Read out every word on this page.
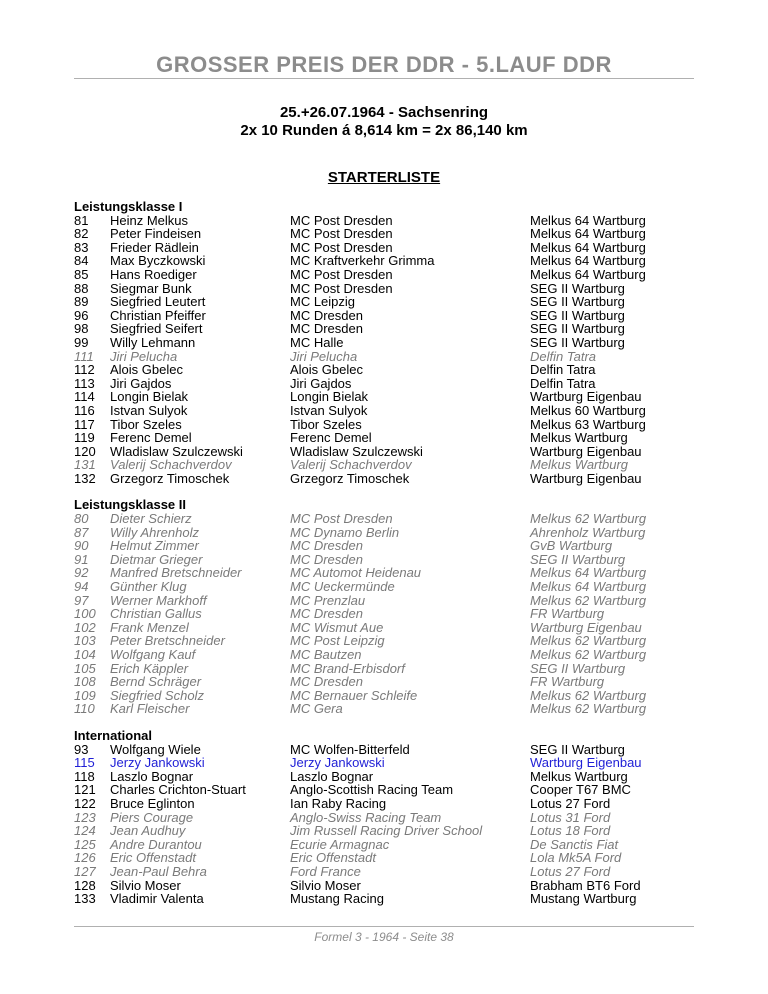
GROSSER PREIS DER DDR - 5.LAUF DDR
25.+26.07.1964 - Sachsenring
2x 10 Runden á 8,614 km = 2x 86,140 km
STARTERLISTE
Leistungsklasse I
81 Heinz Melkus	MC Post Dresden	Melkus 64 Wartburg
82 Peter Findeisen	MC Post Dresden	Melkus 64 Wartburg
83 Frieder Rädlein	MC Post Dresden	Melkus 64 Wartburg
84 Max Byczkowski	MC Kraftverkehr Grimma	Melkus 64 Wartburg
85 Hans Roediger	MC Post Dresden	Melkus 64 Wartburg
88 Siegmar Bunk	MC Post Dresden	SEG II Wartburg
89 Siegfried Leutert	MC Leipzig	SEG II Wartburg
96 Christian Pfeiffer	MC Dresden	SEG II Wartburg
98 Siegfried Seifert	MC Dresden	SEG II Wartburg
99 Willy Lehmann	MC Halle	SEG II Wartburg
111 Jiri Pelucha	Jiri Pelucha	Delfin Tatra
112 Alois Gbelec	Alois Gbelec	Delfin Tatra
113 Jiri Gajdos	Jiri Gajdos	Delfin Tatra
114 Longin Bielak	Longin Bielak	Wartburg Eigenbau
116 Istvan Sulyok	Istvan Sulyok	Melkus 60 Wartburg
117 Tibor Szeles	Tibor Szeles	Melkus 63 Wartburg
119 Ferenc Demel	Ferenc Demel	Melkus Wartburg
120 Wladislaw Szulczewski	Wladislaw Szulczewski	Wartburg Eigenbau
131 Valerij Schachverdov	Valerij Schachverdov	Melkus Wartburg
132 Grzegorz Timoschek	Grzegorz Timoschek	Wartburg Eigenbau
Leistungsklasse II
80 Dieter Schierz	MC Post Dresden	Melkus 62 Wartburg
87 Willy Ahrenholz	MC Dynamo Berlin	Ahrenholz Wartburg
90 Helmut Zimmer	MC Dresden	GvB Wartburg
91 Dietmar Grieger	MC Dresden	SEG II Wartburg
92 Manfred Bretschneider	MC Automot Heidenau	Melkus 64 Wartburg
94 Günther Klug	MC Ueckermünde	Melkus 64 Wartburg
97 Werner Markhoff	MC Prenzlau	Melkus 62 Wartburg
100 Christian Gallus	MC Dresden	FR Wartburg
102 Frank Menzel	MC Wismut Aue	Wartburg Eigenbau
103 Peter Bretschneider	MC Post Leipzig	Melkus 62 Wartburg
104 Wolfgang Kauf	MC Bautzen	Melkus 62 Wartburg
105 Erich Käppler	MC Brand-Erbisdorf	SEG II Wartburg
108 Bernd Schräger	MC Dresden	FR Wartburg
109 Siegfried Scholz	MC Bernauer Schleife	Melkus 62 Wartburg
110 Karl Fleischer	MC Gera	Melkus 62 Wartburg
International
93 Wolfgang Wiele	MC Wolfen-Bitterfeld	SEG II Wartburg
115 Jerzy Jankowski	Jerzy Jankowski	Wartburg Eigenbau
118 Laszlo Bognar	Laszlo Bognar	Melkus Wartburg
121 Charles Crichton-Stuart	Anglo-Scottish Racing Team	Cooper T67 BMC
122 Bruce Eglinton	Ian Raby Racing	Lotus 27 Ford
123 Piers Courage	Anglo-Swiss Racing Team	Lotus 31 Ford
124 Jean Audhuy	Jim Russell Racing Driver School	Lotus 18 Ford
125 Andre Durantou	Ecurie Armagnac	De Sanctis Fiat
126 Eric Offenstadt	Eric Offenstadt	Lola Mk5A Ford
127 Jean-Paul Behra	Ford France	Lotus 27 Ford
128 Silvio Moser	Silvio Moser	Brabham BT6 Ford
133 Vladimir Valenta	Mustang Racing	Mustang Wartburg
Formel 3 - 1964 - Seite 38
